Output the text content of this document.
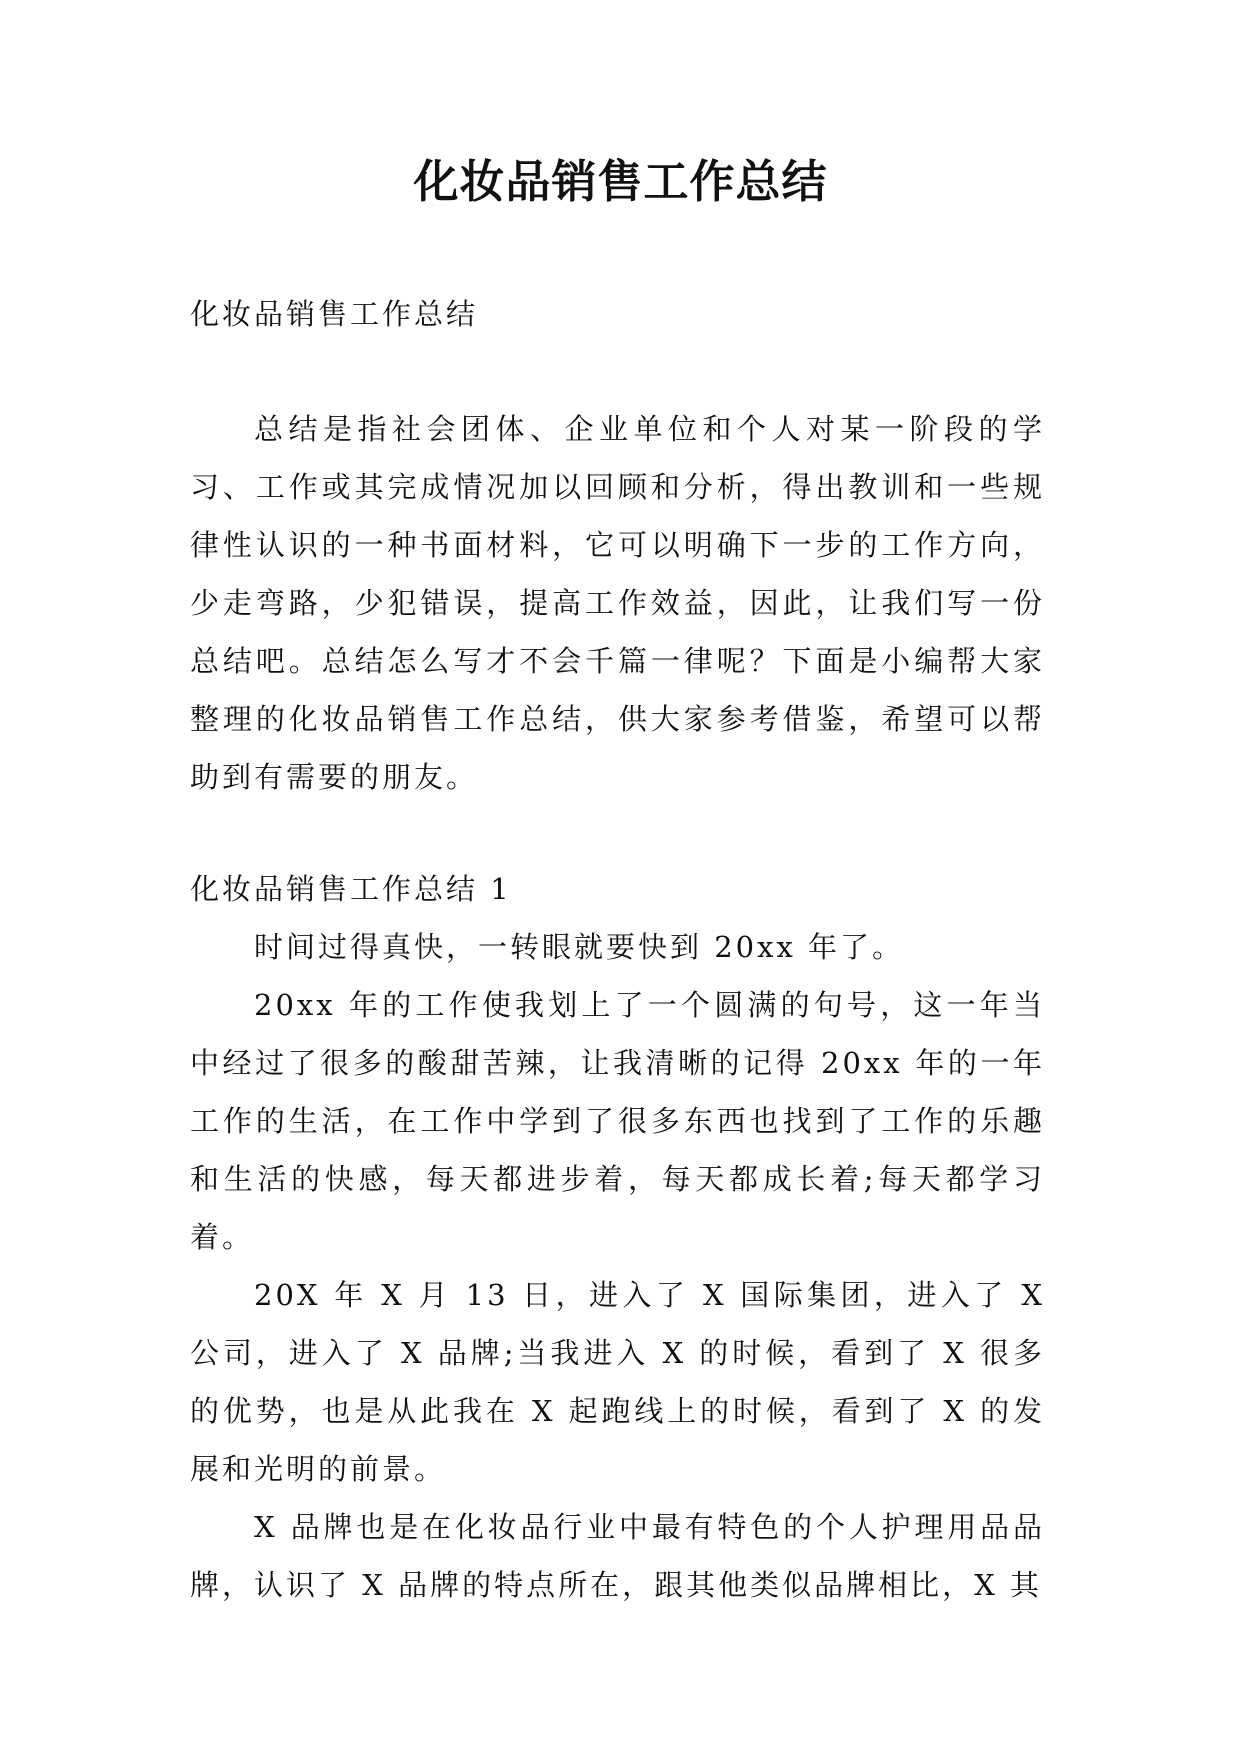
化妆品销售工作总结

化妆品销售工作总结

总结是指社会团体、企业单位和个人对某一阶段的学习、工作或其完成情况加以回顾和分析，得出教训和一些规律性认识的一种书面材料，它可以明确下一步的工作方向，少走弯路，少犯错误，提高工作效益，因此，让我们写一份总结吧。总结怎么写才不会千篇一律呢？下面是小编帮大家整理的化妆品销售工作总结，供大家参考借鉴，希望可以帮助到有需要的朋友。

化妆品销售工作总结 1

时间过得真快，一转眼就要快到 20xx 年了。

20xx 年的工作使我划上了一个圆满的句号，这一年当中经过了很多的酸甜苦辣，让我清晰的记得 20xx 年的一年工作的生活，在工作中学到了很多东西也找到了工作的乐趣和生活的快感，每天都进步着，每天都成长着;每天都学习着。

20X 年 X 月 13 日，进入了 X 国际集团，进入了 X 公司，进入了 X 品牌;当我进入 X 的时候，看到了 X 很多的优势，也是从此我在 X 起跑线上的时候，看到了 X 的发展和光明的前景。

X 品牌也是在化妆品行业中最有特色的个人护理用品品牌，认识了 X 品牌的特点所在，跟其他类似品牌相比，X 其
